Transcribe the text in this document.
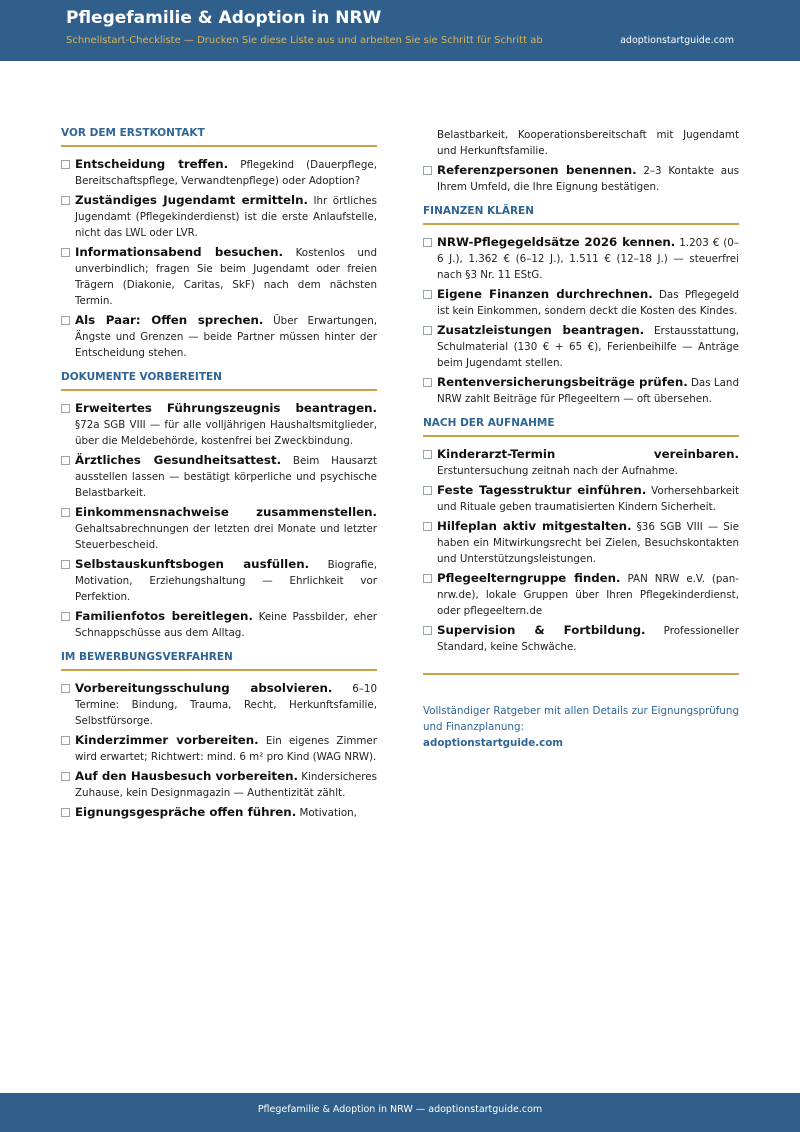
Pflegefamilie & Adoption in NRW
Schnellstart-Checkliste — Drucken Sie diese Liste aus und arbeiten Sie sie Schritt für Schritt ab	adoptionstartguide.com
VOR DEM ERSTKONTAKT
Entscheidung treffen. Pflegekind (Dauerpflege, Bereitschaftspflege, Verwandtenpflege) oder Adoption?
Zuständiges Jugendamt ermitteln. Ihr örtliches Jugendamt (Pflegekinderdienst) ist die erste Anlaufstelle, nicht das LWL oder LVR.
Informationsabend besuchen. Kostenlos und unverbindlich; fragen Sie beim Jugendamt oder freien Trägern (Diakonie, Caritas, SkF) nach dem nächsten Termin.
Als Paar: Offen sprechen. Über Erwartungen, Ängste und Grenzen — beide Partner müssen hinter der Entscheidung stehen.
DOKUMENTE VORBEREITEN
Erweitertes Führungszeugnis beantragen. §72a SGB VIII — für alle volljährigen Haushaltsmitglieder, über die Meldebehörde, kostenfrei bei Zweckbindung.
Ärztliches Gesundheitsattest. Beim Hausarzt ausstellen lassen — bestätigt körperliche und psychische Belastbarkeit.
Einkommensnachweise zusammenstellen. Gehaltsabrechnungen der letzten drei Monate und letzter Steuerbescheid.
Selbstauskunftsbogen ausfüllen. Biografie, Motivation, Erziehungshaltung — Ehrlichkeit vor Perfektion.
Familienfotos bereitlegen. Keine Passbilder, eher Schnappschüsse aus dem Alltag.
IM BEWERBUNGSVERFAHREN
Vorbereitungsschulung absolvieren. 6–10 Termine: Bindung, Trauma, Recht, Herkunftsfamilie, Selbstfürsorge.
Kinderzimmer vorbereiten. Ein eigenes Zimmer wird erwartet; Richtwert: mind. 6 m² pro Kind (WAG NRW).
Auf den Hausbesuch vorbereiten. Kindersicheres Zuhause, kein Designmagazin — Authentizität zählt.
Eignungsgespräche offen führen. Motivation,
Belastbarkeit, Kooperationsbereitschaft mit Jugendamt und Herkunftsfamilie.
Referenzpersonen benennen. 2–3 Kontakte aus Ihrem Umfeld, die Ihre Eignung bestätigen.
FINANZEN KLÄREN
NRW-Pflegegeldsätze 2026 kennen. 1.203 € (0–6 J.), 1.362 € (6–12 J.), 1.511 € (12–18 J.) — steuerfrei nach §3 Nr. 11 EStG.
Eigene Finanzen durchrechnen. Das Pflegegeld ist kein Einkommen, sondern deckt die Kosten des Kindes.
Zusatzleistungen beantragen. Erstausstattung, Schulmaterial (130 € + 65 €), Ferienbeihilfe — Anträge beim Jugendamt stellen.
Rentenversicherungsbeiträge prüfen. Das Land NRW zahlt Beiträge für Pflegeeltern — oft übersehen.
NACH DER AUFNAHME
Kinderarzt-Termin vereinbaren. Erstuntersuchung zeitnah nach der Aufnahme.
Feste Tagesstruktur einführen. Vorhersehbarkeit und Rituale geben traumatisierten Kindern Sicherheit.
Hilfeplan aktiv mitgestalten. §36 SGB VIII — Sie haben ein Mitwirkungsrecht bei Zielen, Besuchskontakten und Unterstützungsleistungen.
Pflegeelterngruppe finden. PAN NRW e.V. (pan-nrw.de), lokale Gruppen über Ihren Pflegekinderdienst, oder pflegeeltern.de
Supervision & Fortbildung. Professioneller Standard, keine Schwäche.
Vollständiger Ratgeber mit allen Details zur Eignungsprüfung und Finanzplanung:
adoptionstartguide.com
Pflegefamilie & Adoption in NRW — adoptionstartguide.com
